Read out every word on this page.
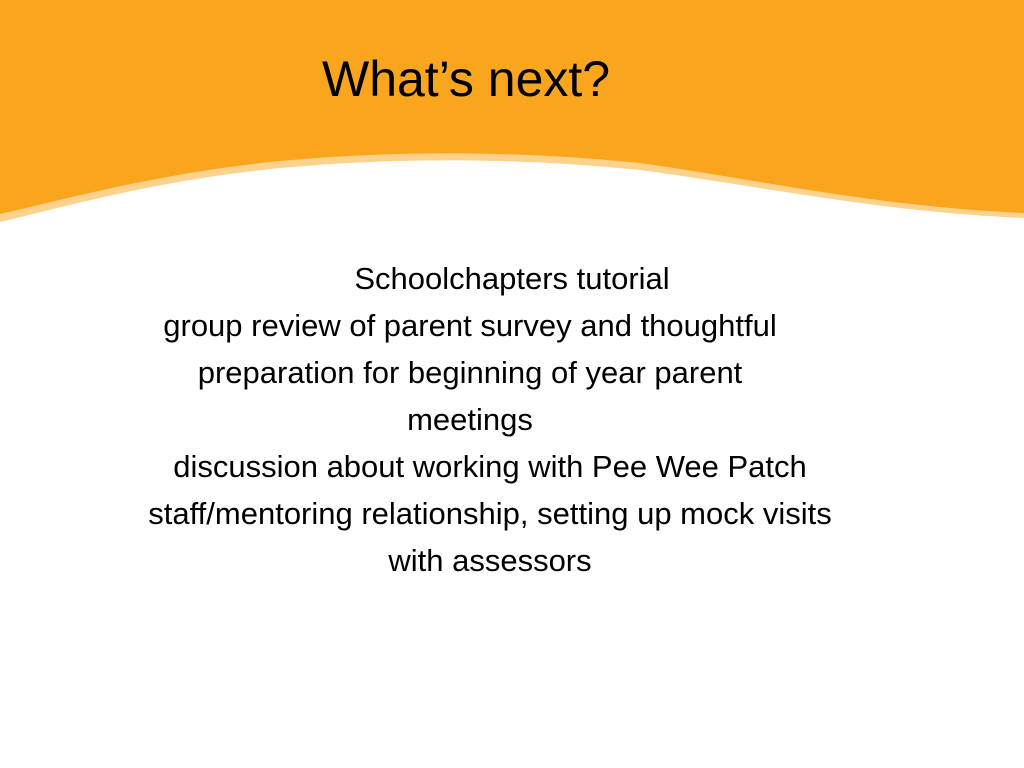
What’s next?

Schoolchapters tutorial

group review of parent survey and thoughtful preparation for beginning of year parent meetings

discussion about working with Pee Wee Patch staff/mentoring relationship, setting up mock visits with assessors
